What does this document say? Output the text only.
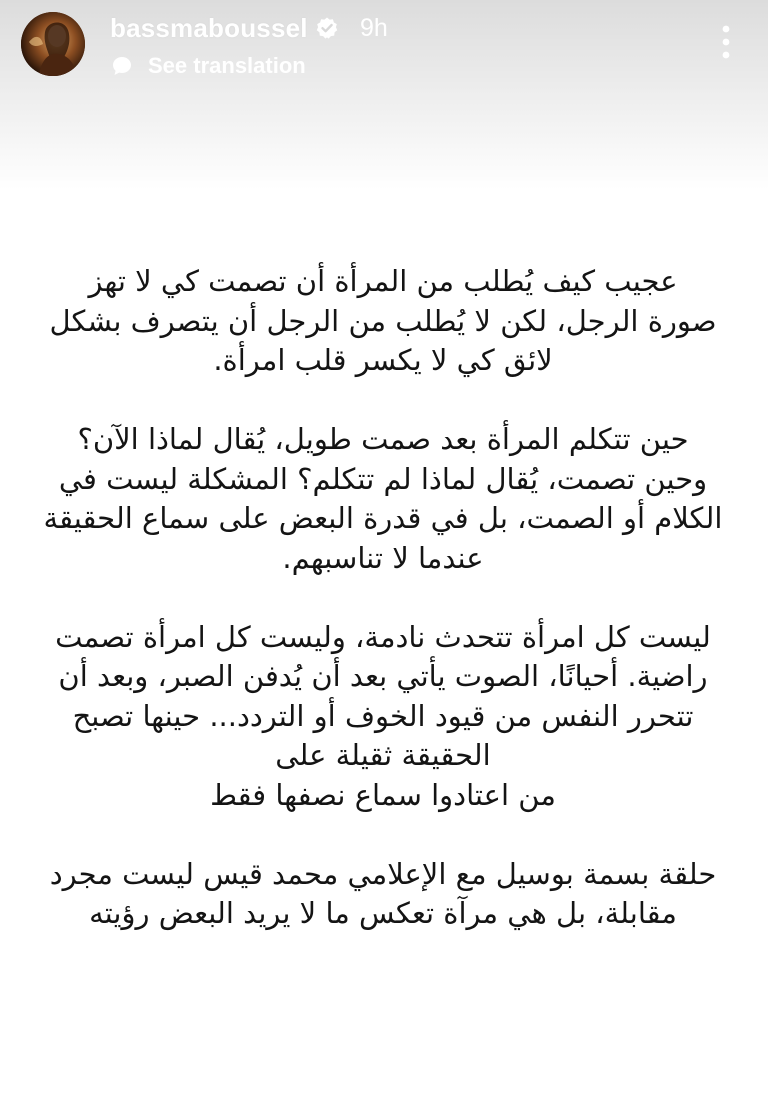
bassmaboussel 9h
See translation

عجيب كيف يُطلب من المرأة أن تصمت كي لا تهز
صورة الرجل، لكن لا يُطلب من الرجل أن يتصرف بشكل
لائق كي لا يكسر قلب امرأة.

حين تتكلم المرأة بعد صمت طويل، يُقال لماذا الآن؟
وحين تصمت، يُقال لماذا لم تتكلم؟ المشكلة ليست في
الكلام أو الصمت، بل في قدرة البعض على سماع الحقيقة
عندما لا تناسبهم.

ليست كل امرأة تتحدث نادمة، وليست كل امرأة تصمت
راضية. أحيانًا، الصوت يأتي بعد أن يُدفن الصبر، وبعد أن
تتحرر النفس من قيود الخوف أو التردد... حينها تصبح
الحقيقة ثقيلة على
من اعتادوا سماع نصفها فقط

حلقة بسمة بوسيل مع الإعلامي محمد قيس ليست مجرد
مقابلة، بل هي مرآة تعكس ما لا يريد البعض رؤيته
